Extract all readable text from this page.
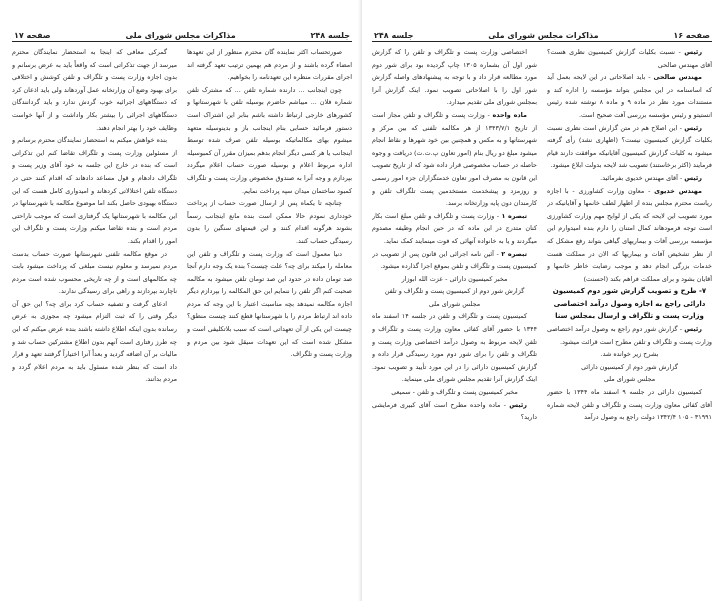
جلسه ۲۴۸
مذاکرات مجلس شورای ملی
صفحه ۱۷

صورتحساب اکثر نماینده گان محترم منظور از این تعهدها امضاء گرده باشند و از مردم هم بهمین ترتیب تعهد گرفته اند اجرای مقررات منظره این تعهدنامه را بخواهیم.

چون اینجانب ... دارنده شماره تلفن ... که مشترک تلفن شماره فلان ... میباشم حاضرم بوسیله تلفن با شهرستانها و کشورهای خارجی ارتباط داشته باشم بنابر این اشتراک است دستور فرمائید حسابی بنام اینجانب باز و بدینوسیله متعهد میشوم بهای مکالماتیکه بوسیله تلفن صرف شده توسط اینجانب یا هر کسی دیگر انجام بدهم بمیزان مقرر آن کمبوسیله اداره مربوط اعلام و بوسیله صورت حساب اعلام میگردد بپردازم و وجه آنرا به صندوق مخصوص وزارت پست و تلگراف کمبود ساختمان میدان سپه پرداخت نمایم.

چنانچه تا یکماه پس از ارسال صورت حساب از پرداخت خودداری نمودم حالا ممکن است بنده مانع اینجانب رسماً بشوند هرگونه اقدام کنند و این قیمتهای سنگین را بدون رسیدگی حساب کنند.

دنیا معمول است که وزارت پست و تلگراف و تلفن این معامله را میکند برای چه؟ علت چیست؟ بنده یک وجه دارم آنجا صد تومان داده در حدود این صد تومان تلفن میشود به مکالمه صحبت کنم اگر تلفن را ننمایم این حق المکالمه را بپردازم دیگر اجازه مکالمه نمیدهد بچه مناسبت اعتبار با این وجه که مردم داده اند ارتباط مردم را با شهرستانها قطع کنند چیست منطق؟ چیست این یکی از آن تعهداتی است که سبب بلاتکلیفی است و مشکل شده است که این تعهدات سیقل شود بین مردم و وزارت پست و تلگراف.

گمرکی معافی که اینجا به استحضار نمایندگان محترم میرسد از جهت تذکراتی است که واقعاً باید به عرض برسانم و بدون اجازه وزارت پست و تلگراف و تلفن کوشش و اختلافی برای بهبود وضع آن وزارتخانه عمل آوردهاند ولی باید اذعان کرد که دستگاههای اجرائیه خوب گردش ندارد و باید گردانندگان دستگاههای اجرائی را بیشتر بکار واداشت و از آنها خواست وظایف خود را بهتر انجام دهند.

بنده خواهش میکنم به استحضار نمایندگان محترم برسانم و از مسئولین وزارت پست و تلگراف تقاضا کنم این تذکراتی است که بنده در خارج این جلسه به خود آقای وزیر پست و تلگراف دادهام و قول مساعد دادهاند که اقدام کنند حتی در دستگاه تلفن اختلالاتی کردهاند و امیدواری کامل هست که این دستگاه بهبودی حاصل بکند اما موضوع مکالمه با شهرستانها در این مکالمه با شهرستانها یک گرفتاری است که موجب ناراحتی مردم است و بنده تقاضا میکنم وزارت پست و تلگراف این امور را اقدام بکند.

در موقع مکالمه تلفنی شهرستانها صورت حساب بدست مردم نمیرسد و معلوم نیست مبلغی که پرداخت میشود بابت چه مکالمهای است و از چه تاریخی محسوب شده است مردم ناچارند بپردازند و راهی برای رسیدگی ندارند.

ادعای گرفت و تصفیه حساب کرد برای چه؟ این حق آن دیگر وقتی را که ثبت التزام میشود چه مجوزی به عرض رسانده بدون اینکه اطلاع داشته باشند بنده عرض میکنم که این چه طرز رفتاری است آنهم بدون اطلاع مشترکین حساب شد و مالیات بر آن اضافه گردید و بعداً آنرا اختیاراً گرفتند تعهد و قرار داد است که بنظر شده مسئول باید به مردم اعلام گردد و مردم بدانند.

صفحه ۱۶
مذاکرات مجلس شورای ملی
جلسه ۲۴۸

رئیس - نسبت بکلیات گزارش کمیسیون نظری هست؟ آقای مهندس صالحی

مهندس صالحی - باید اصلاحاتی در این لایحه بعمل آید که اساسنامه در این مجلس بتواند مؤسسه را اداره کند و مستندات مورد نظر در ماده ۹ و ماده ۸ نوشته شده رئیس انستیتو و رئیس مؤسسه بررسی آفت صحیح است.

رئیس - این اصلاح هم در متن گزارش است نظری نسبت بکلیات گزارش کمیسیون نیست؟ (اظهاری نشد) رأی گرفته میشود به کلیات گزارش کمیسیون آقایانیکه موافقت دارند قیام فرمایند (اکثر برخاستند) تصویب شد لایحه بدولت ابلاغ میشود.

رئیس - آقای مهندس خدیوی بفرمائید.

مهندس خدیوی - معاون وزارت کشاورزی - با اجازه ریاست محترم مجلس بنده از اظهار لطف خانمها و آقایانیکه در مورد تصویب این لایحه که یکی از لوایح مهم وزارت کشاورزی است توجه فرمودهاند کمال امتنان را دارم بنده امیدوارم این مؤسسه بررسی آفات و بیماریهای گیاهی بتواند رفع مشکل که از نظر تشخیص آفات و بیماریها که الان در مملکت هست خدمات بزرگی انجام دهد و موجب رضایت خاطر خانمها و آقایان بشود و برای مملکت فراهم بکند (احسنت)

۷- طرح و تصویب گزارش شور دوم کمیسیون دارائی راجع به اجازه وصول درآمد اختصاصی وزارت پست و تلگراف و ارسال بمجلس سنا

رئیس - گزارش شور دوم راجع به وصول درآمد اختصاصی وزارت پست و تلگراف و تلفن مطرح است قرائت میشود.

بشرح زیر خوانده شد.

گزارش شور دوم از کمیسیون دارائی

مجلس شورای ملی

کمیسیون دارائی در جلسه ۹ اسفند ماه ۱۳۴۴ با حضور آقای کفائی معاون وزارت پست و تلگراف و تلفن لایحه شماره ۳۱۹۹۱ - ۱۰۵ ۱۳۴۲/۴ دولت راجع به وصول درآمد

اختصاصی وزارت پست و تلگراف و تلفن را که گزارش شور اول آن بشماره ۱۳۰۵ چاپ گردیده بود برای شور دوم مورد مطالعه قرار داد و با توجه به پیشنهادهای واصله گزارش شور اول را با اصلاحاتی تصویب نمود. اینک گزارش آنرا بمجلس شورای ملی تقدیم میدارد.

ماده واحده - وزارت پست و تلگراف و تلفن مجاز است از تاریخ ۱۳۴۳/۷/۱ از هر مکالمه تلفنی که بین مرکز و شهرستانها و به مکس و همچنین بین خود شهرها و نقاط انجام میشود مبلغ دو ریال بنام (امور تعاون پ.ت.ت) دریافت و وجوه حاصله در حساب مخصوصی قرار داده شود که از تاریخ تصویب این قانون به مصرف امور تعاون خدمتگزاران جزء امور رسمی و روزمزد و پیشخدمت مستخدمین پست تلگراف تلفن و کارمندان دون پایه وزارتخانه برسد.

تبصره ۱ - وزارت پست و تلگراف و تلفن مبلغ است بکار کنان متدرج در این ماده که در حین انجام وظیفه مصدوم میگردند و یا به خانواده آنهائی که فوت مینمایند کمک نماید.

تبصره ۲ - آئین نامه اجرائی این قانون پس از تصویب در کمیسیون پست و تلگراف و تلفن بموقع اجرا گذارده میشود.

مخبر کمیسیون دارائی - عزت الله ابوزار

گزارش شور دوم از کمیسیون پست و تلگراف و تلفن

مجلس شورای ملی

کمیسیون پست و تلگراف و تلفن در جلسه ۱۴ اسفند ماه ۱۳۴۴ با حضور آقای کفائی معاون وزارت پست و تلگراف و تلفن لایحه مربوط به وصول درآمد اختصاصی وزارت پست و تلگراف و تلفن را برای شور دوم مورد رسیدگی قرار داده و گزارش کمیسیون دارائی را در این مورد تأیید و تصویب نمود. اینک گزارش آنرا تقدیم مجلس شورای ملی مینماید.

مخبر کمیسیون پست و تلگراف و تلفن - سمیعی

رئیس - ماده واحده مطرح است آقای کبیری فرمایشی دارید؟
